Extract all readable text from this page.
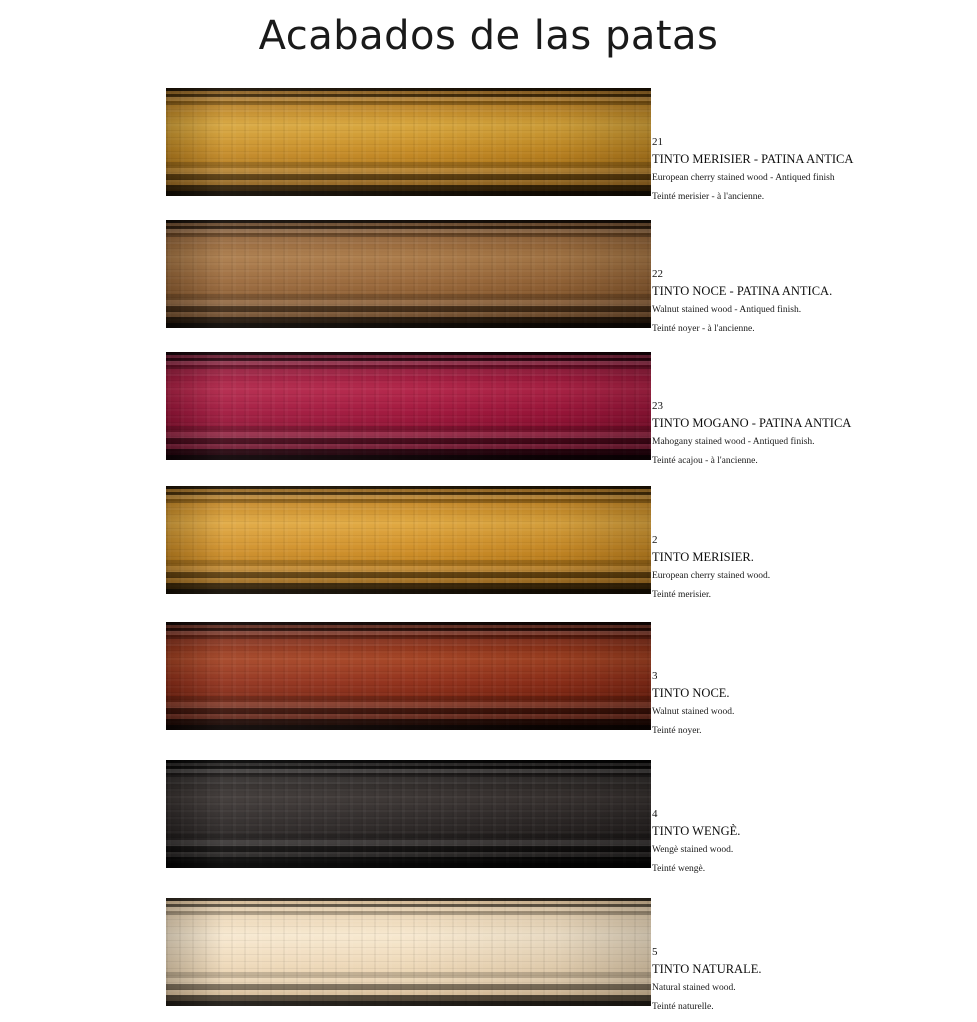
Acabados de las patas
21
TINTO MERISIER - PATINA ANTICA
European cherry stained wood - Antiqued finish
Teinté merisier - à l'ancienne.
22
TINTO NOCE - PATINA ANTICA.
Walnut stained wood - Antiqued finish.
Teinté noyer - à l'ancienne.
23
TINTO MOGANO - PATINA ANTICA
Mahogany stained wood - Antiqued finish.
Teinté acajou - à l'ancienne.
2
TINTO MERISIER.
European cherry stained wood.
Teinté merisier.
3
TINTO NOCE.
Walnut stained wood.
Teinté noyer.
4
TINTO WENGÈ.
Wengè stained wood.
Teinté wengè.
5
TINTO NATURALE.
Natural stained wood.
Teinté naturelle.
